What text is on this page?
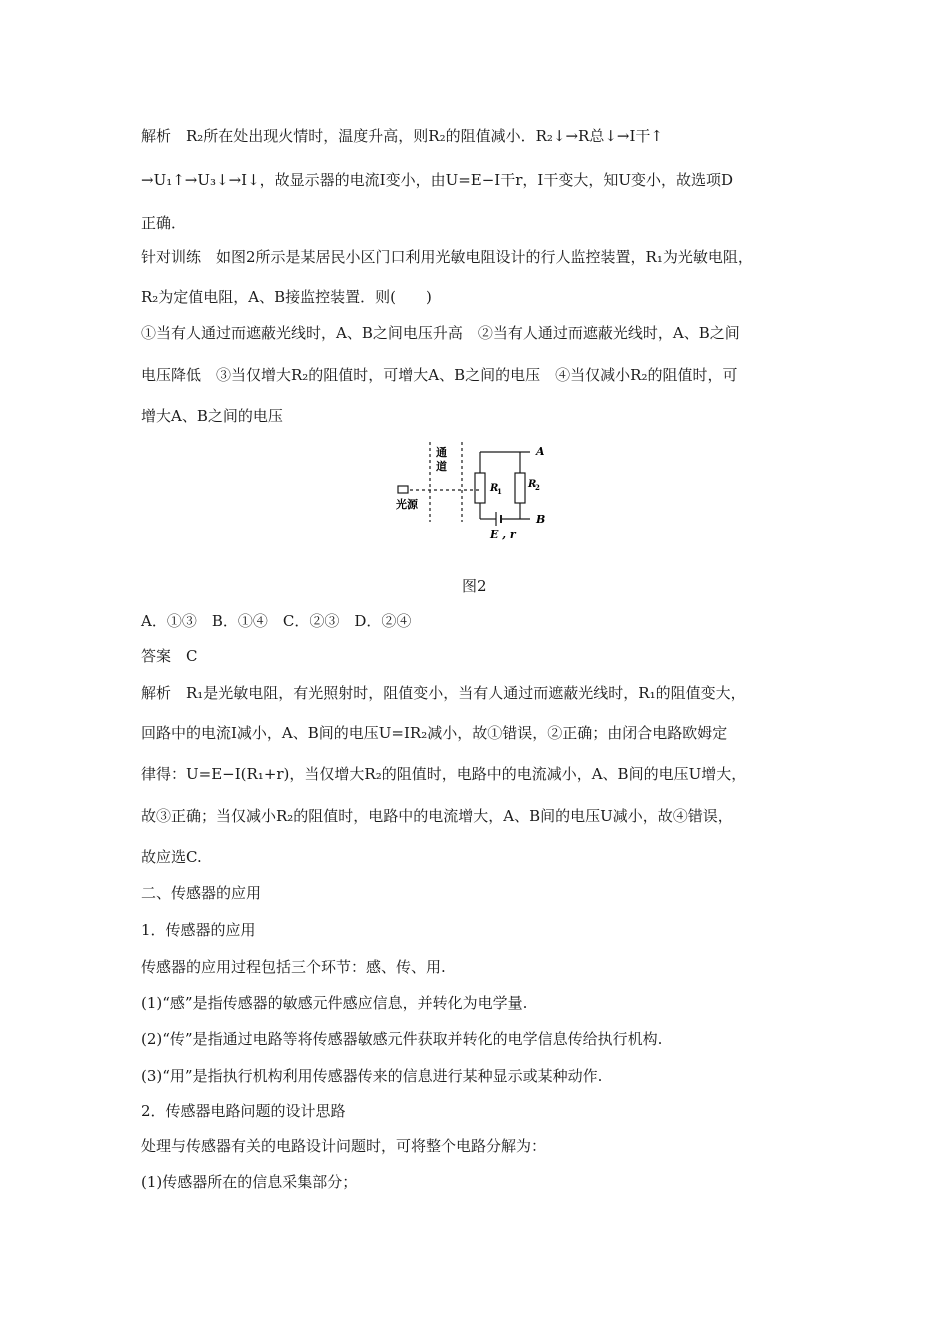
解析　R₂所在处出现火情时，温度升高，则R₂的阻值减小．R₂↓→R总↓→I干↑
→U₁↑→U₃↓→I↓，故显示器的电流I变小，由U=E−I干r，I干变大，知U变小，故选项D
正确．
针对训练　如图2所示是某居民小区门口利用光敏电阻设计的行人监控装置，R₁为光敏电阻，
R₂为定值电阻，A、B接监控装置．则(　　)
①当有人通过而遮蔽光线时，A、B之间电压升高　②当有人通过而遮蔽光线时，A、B之间
电压降低　③当仅增大R₂的阻值时，可增大A、B之间的电压　④当仅减小R₂的阻值时，可
增大A、B之间的电压
通
道
光源
A
B
R
1
R
2
E , r
图2
A．①③　B．①④　C．②③　D．②④
答案　C
解析　R₁是光敏电阻，有光照射时，阻值变小，当有人通过而遮蔽光线时，R₁的阻值变大，
回路中的电流I减小，A、B间的电压U=IR₂减小，故①错误，②正确；由闭合电路欧姆定
律得：U=E−I(R₁+r)，当仅增大R₂的阻值时，电路中的电流减小，A、B间的电压U增大，
故③正确；当仅减小R₂的阻值时，电路中的电流增大，A、B间的电压U减小，故④错误，
故应选C.
二、传感器的应用
1．传感器的应用
传感器的应用过程包括三个环节：感、传、用.
(1)“感”是指传感器的敏感元件感应信息，并转化为电学量.
(2)“传”是指通过电路等将传感器敏感元件获取并转化的电学信息传给执行机构.
(3)“用”是指执行机构利用传感器传来的信息进行某种显示或某种动作.
2．传感器电路问题的设计思路
处理与传感器有关的电路设计问题时，可将整个电路分解为：
(1)传感器所在的信息采集部分；
